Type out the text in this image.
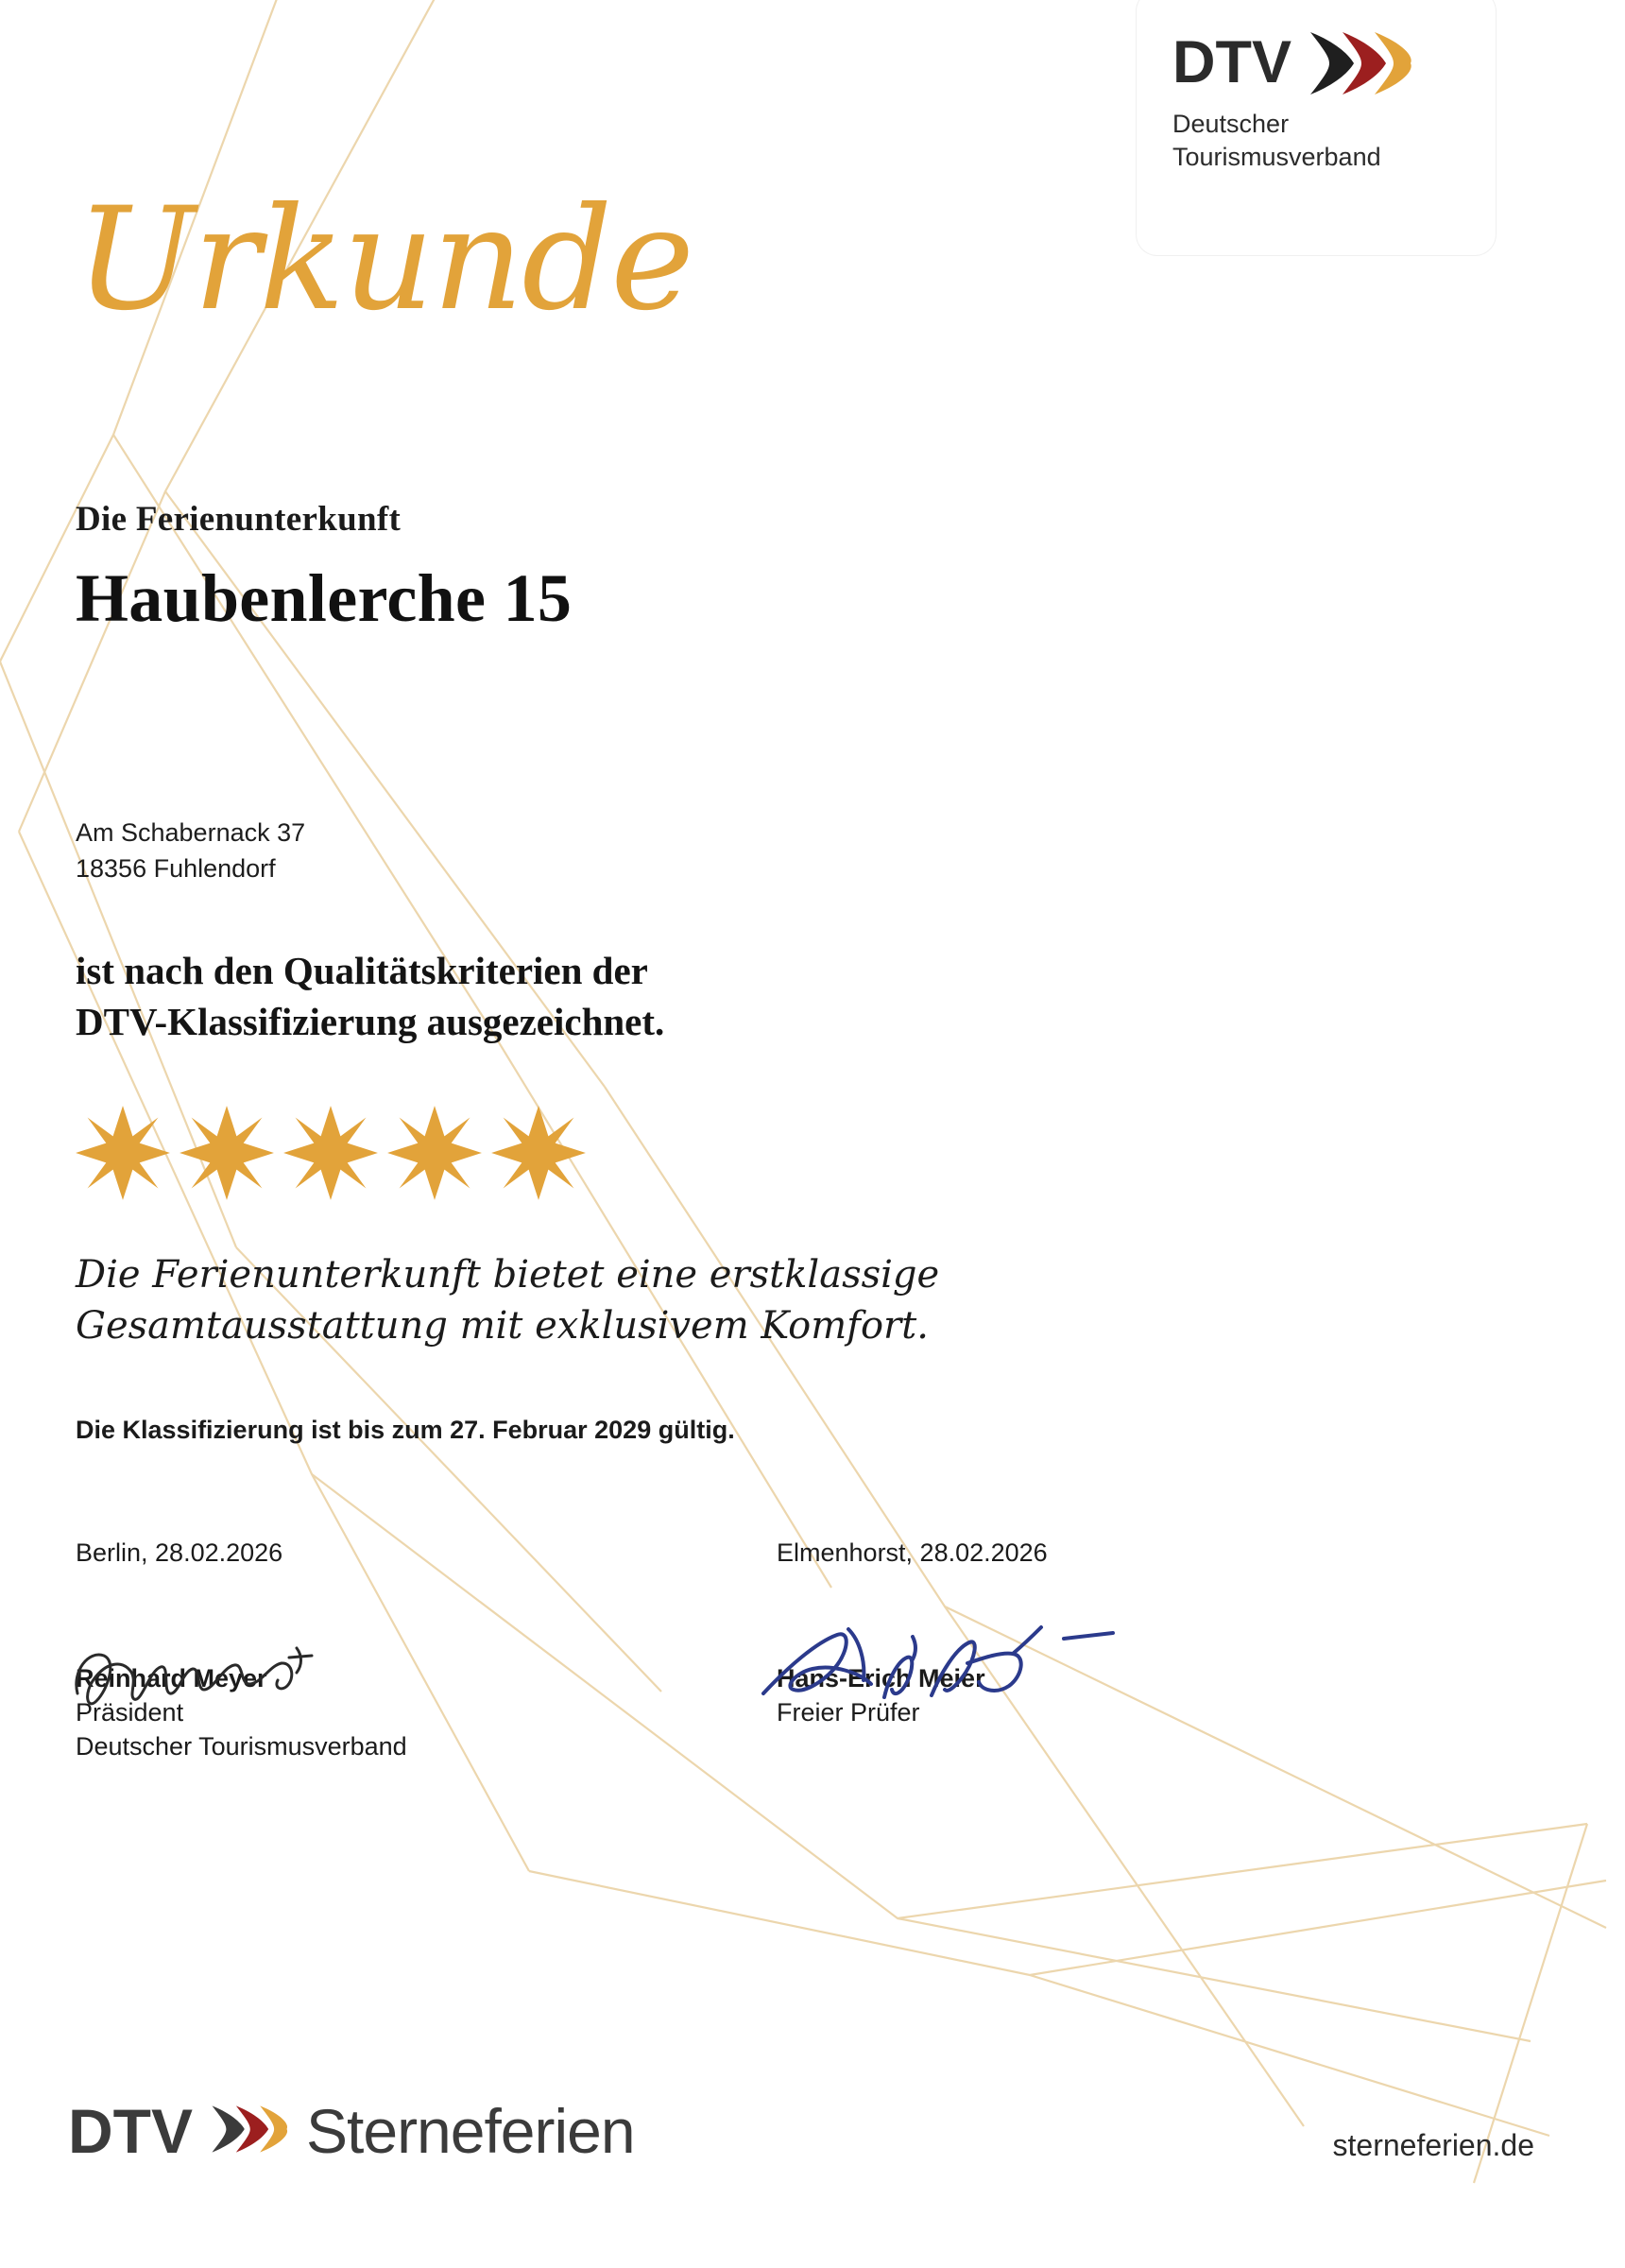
DTV
Deutscher
Tourismusverband
Urkunde
Die Ferienunterkunft
Haubenlerche 15
Am Schabernack 37
18356 Fuhlendorf
ist nach den Qualitätskriterien der
DTV-Klassifizierung ausgezeichnet.
Die Ferienunterkunft bietet eine erstklassige
Gesamtausstattung mit exklusivem Komfort.
Die Klassifizierung ist bis zum 27. Februar 2029 gültig.
Berlin, 28.02.2026
Reinhard Meyer
Präsident
Deutscher Tourismusverband
Elmenhorst, 28.02.2026
Hans-Erich Meier
Freier Prüfer
DTV Sterneferien	sterneferien.de
